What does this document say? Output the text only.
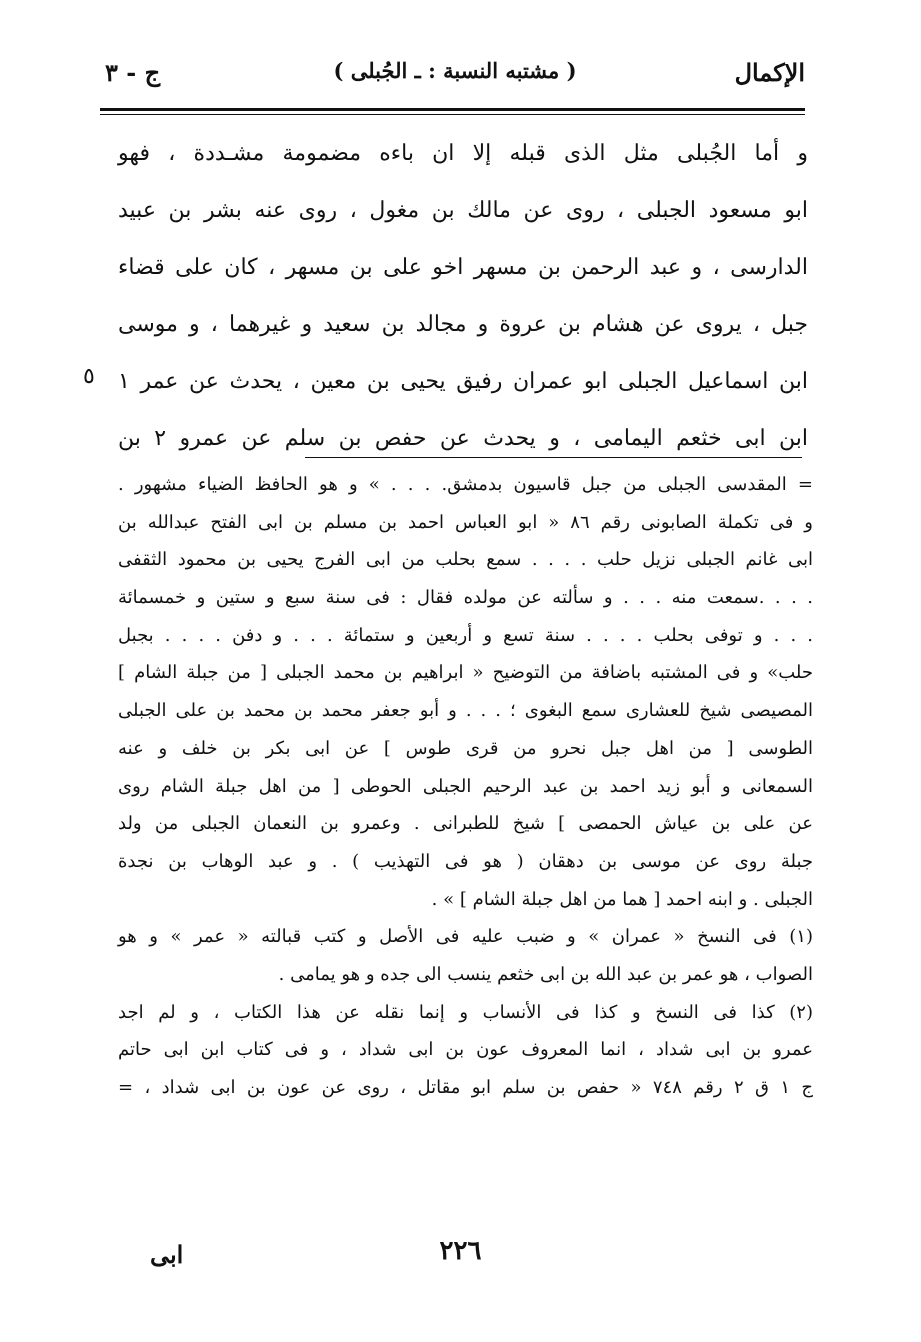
الإكمال
( مشتبه النسبة : ـ الجُبلى )
ج - ٣
و أما الجُبلى مثل الذى قبله إلا ان باءه مضمومة مشـددة ، فهو
ابو مسعود الجبلى ، روى عن مالك بن مغول ، روى عنه بشر بن عبيد
الدارسى ، و عبد الرحمن بن مسهر اخو على بن مسهر ، كان على قضاء
جبل ، يروى عن هشام بن عروة و مجالد بن سعيد و غيرهما ، و موسى
ابن اسماعيل الجبلى ابو عمران رفيق يحيى بن معين ، يحدث عن عمر ١
ابن ابى خثعم اليمامى ، و يحدث عن حفص بن سلم عن عمرو ٢ بن
٥
= المقدسى الجبلى من جبل قاسيون بدمشق. . . . » و هو الحافظ الضياء مشهور .
و فى تكملة الصابونى رقم ٨٦ « ابو العباس احمد بن مسلم بن ابى الفتح عبدالله بن
ابى غانم الجبلى نزيل حلب . . . . سمع بحلب من ابى الفرج يحيى بن محمود الثقفى
. . . .سمعت منه . . . و سألته عن مولده فقال : فى سنة سبع و ستين و خمسمائة
. . . و توفى بحلب . . . . سنة تسع و أربعين و ستمائة . . . و دفن . . . . بجبل
حلب» و فى المشتبه باضافة من التوضيح « ابراهيم بن محمد الجبلى [ من جبلة الشام ]
المصيصى شيخ للعشارى سمع البغوى ؛ . . . و أبو جعفر محمد بن محمد بن على الجبلى
الطوسى [ من اهل جبل نحرو من قرى طوس ] عن ابى بكر بن خلف و عنه
السمعانى و أبو زيد احمد بن عبد الرحيم الجبلى الحوطى [ من اهل جبلة الشام روى
عن على بن عياش الحمصى ] شيخ للطبرانى . وعمرو بن النعمان الجبلى من ولد
جبلة روى عن موسى بن دهقان ( هو فى التهذيب ) . و عبد الوهاب بن نجدة
الجبلى . و ابنه احمد [ هما من اهل جبلة الشام ] » .
(١) فى النسخ « عمران » و ضبب عليه فى الأصل و كتب قبالته « عمر » و هو
الصواب ، هو عمر بن عبد الله بن ابى خثعم ينسب الى جده و هو يمامى .
(٢) كذا فى النسخ و كذا فى الأنساب و إنما نقله عن هذا الكتاب ، و لم اجد
عمرو بن ابى شداد ، انما المعروف عون بن ابى شداد ، و فى كتاب ابن ابى حاتم
ج ١ ق ٢ رقم ٧٤٨ « حفص بن سلم ابو مقاتل ، روى عن عون بن ابى شداد ، =
ابى	٢٢٦
